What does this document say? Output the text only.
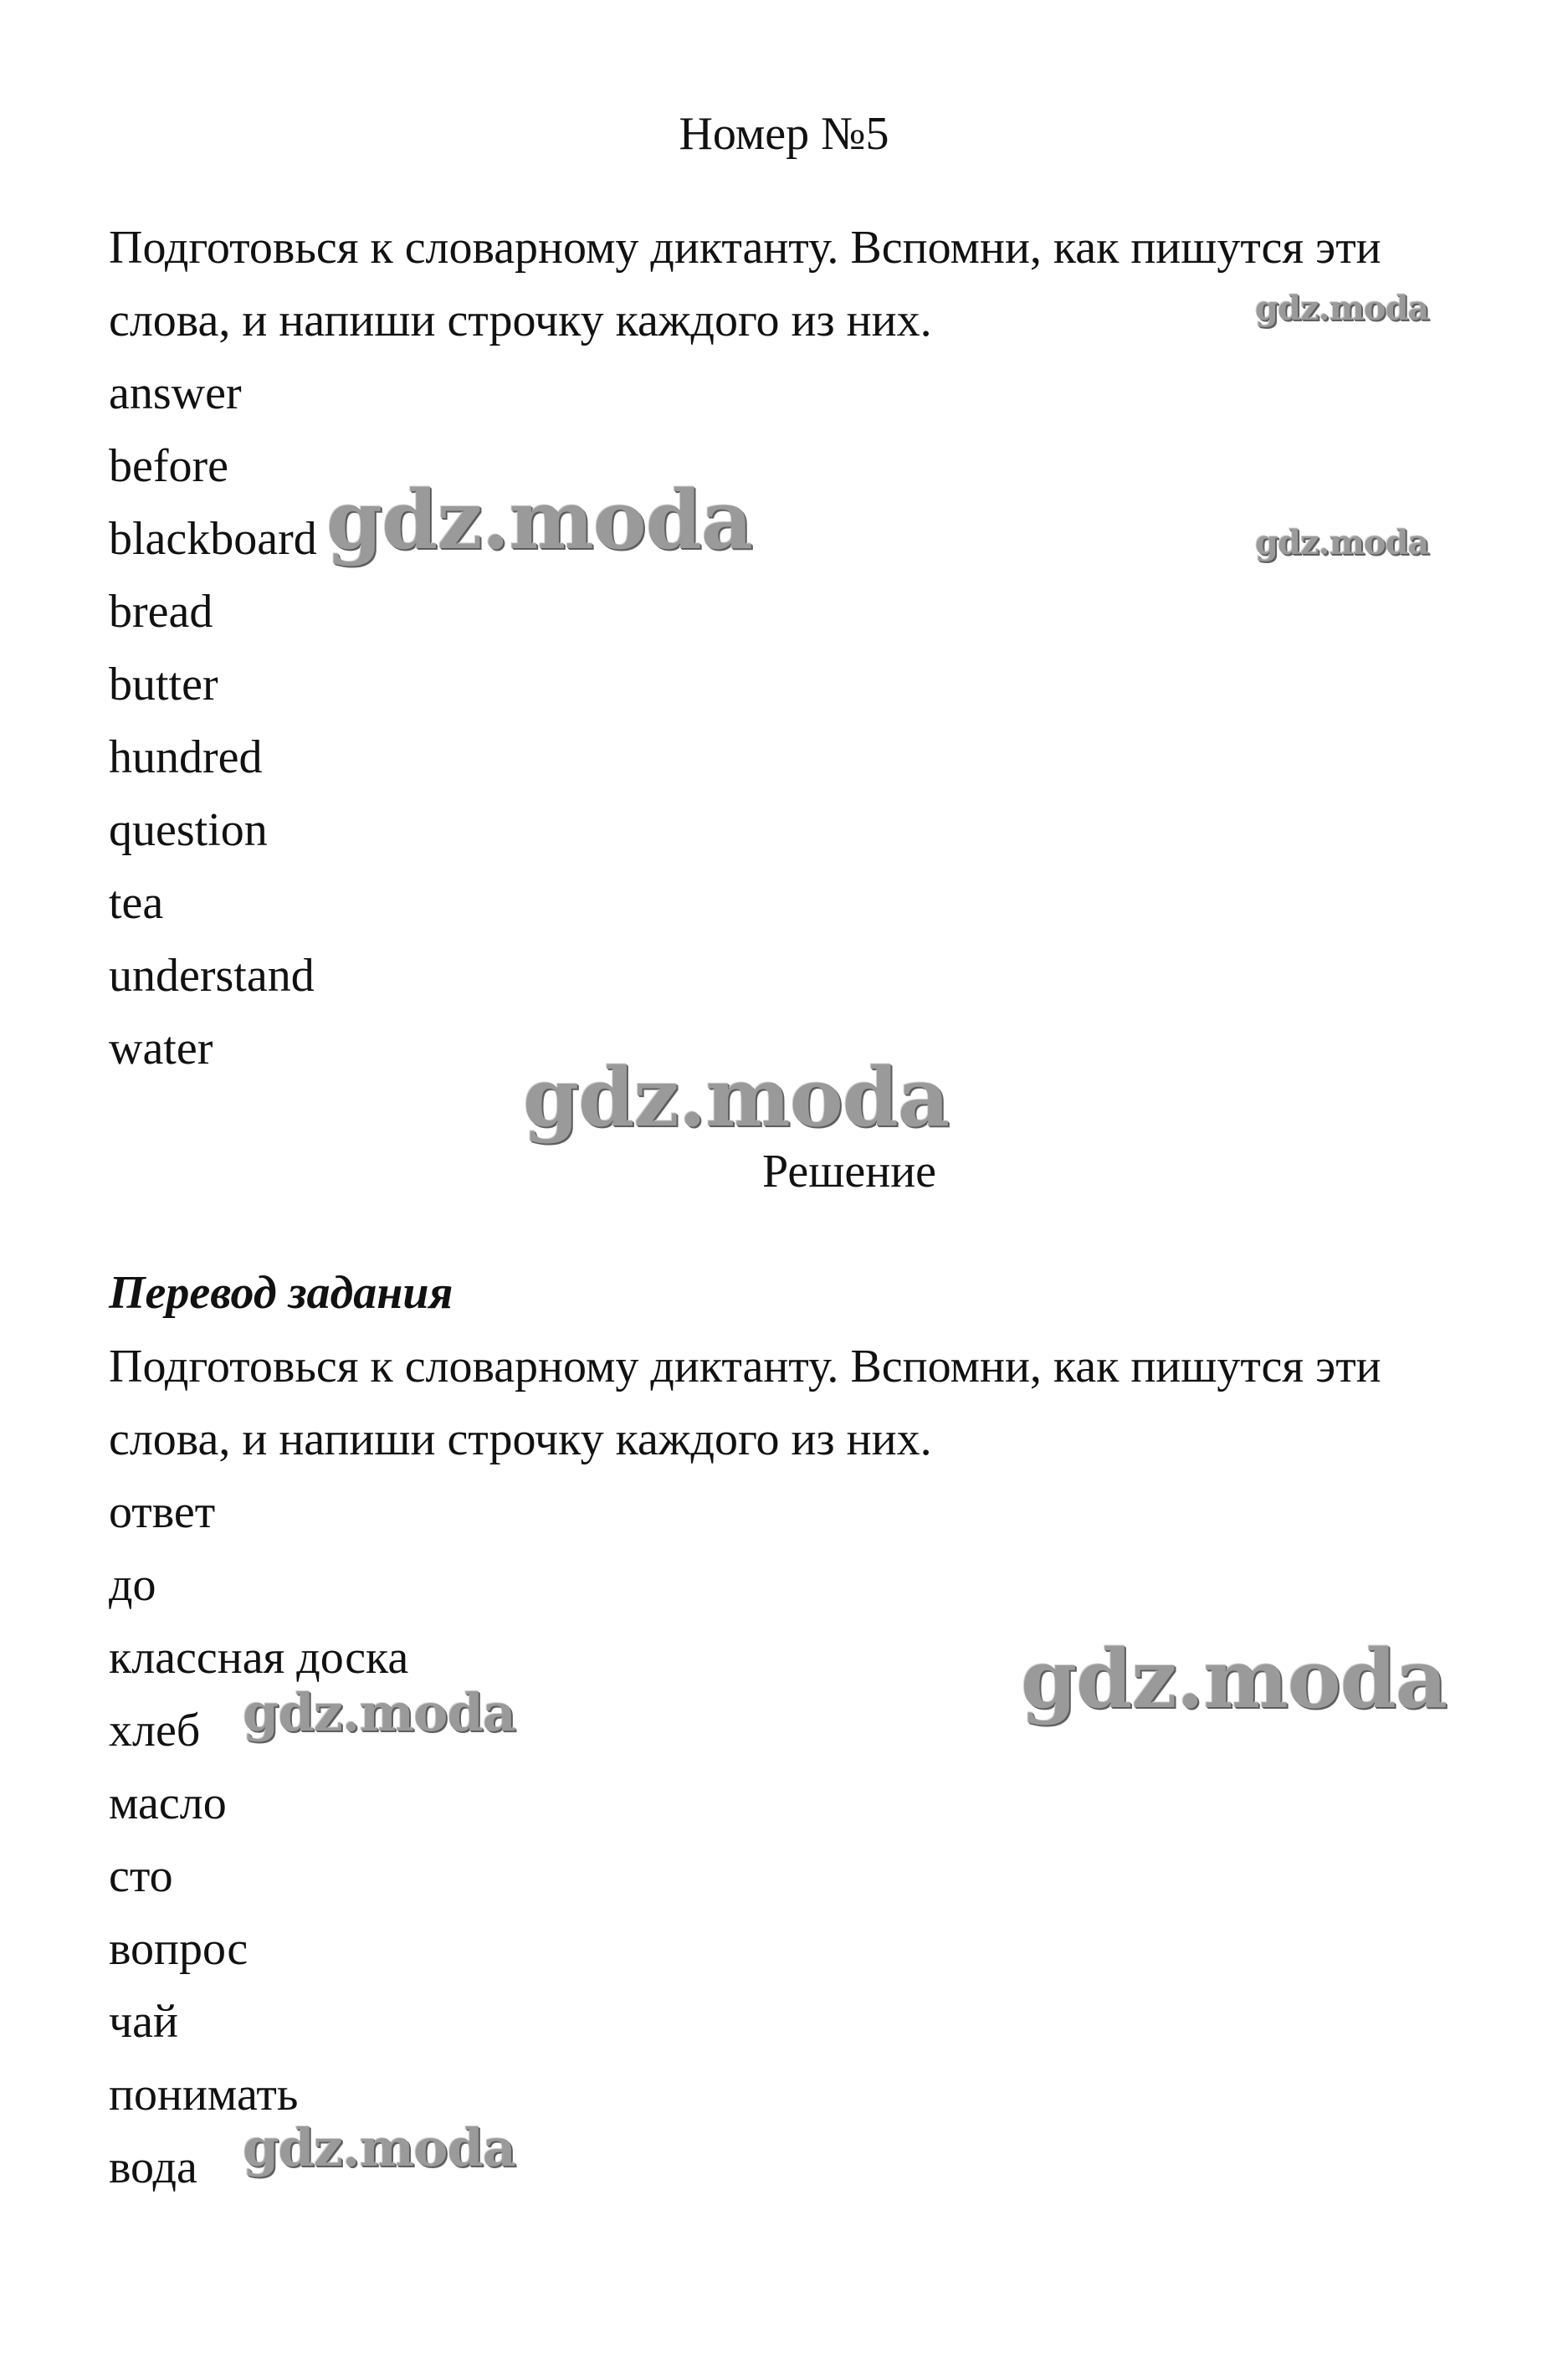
Номер №5
Подготовься к словарному диктанту. Вспомни, как пишутся эти слова, и напиши строчку каждого из них.
answer
before
blackboard
bread
butter
hundred
question
tea
understand
water
Решение
Перевод задания
Подготовься к словарному диктанту. Вспомни, как пишутся эти слова, и напиши строчку каждого из них.
ответ
до
классная доска
хлеб
масло
сто
вопрос
чай
понимать
вода
gdz.moda
gdz.moda
gdz.moda
gdz.moda
gdz.moda
gdz.moda
gdz.moda
